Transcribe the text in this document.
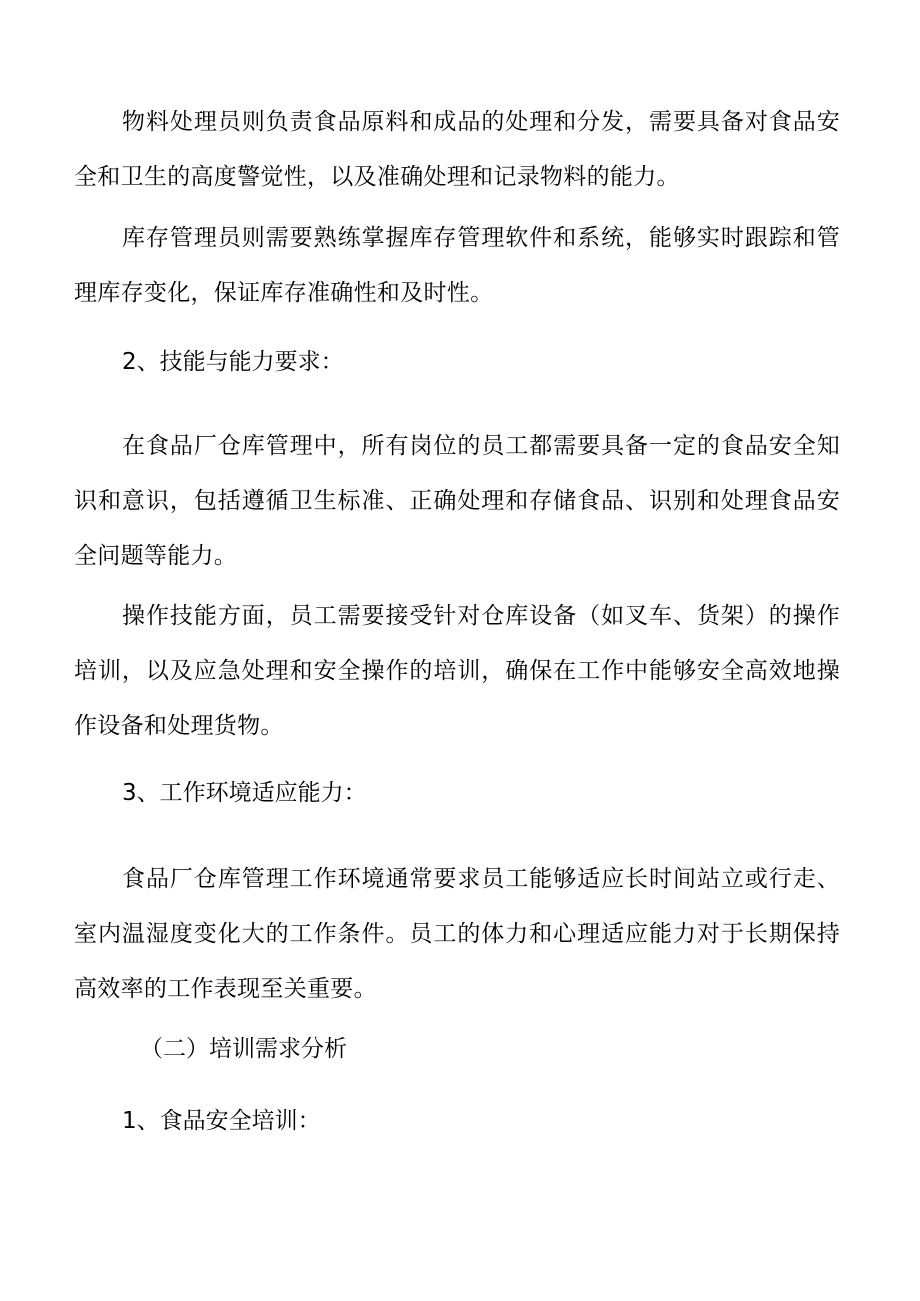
物料处理员则负责食品原料和成品的处理和分发，需要具备对食品安全和卫生的高度警觉性，以及准确处理和记录物料的能力。

库存管理员则需要熟练掌握库存管理软件和系统，能够实时跟踪和管理库存变化，保证库存准确性和及时性。

2、技能与能力要求：

在食品厂仓库管理中，所有岗位的员工都需要具备一定的食品安全知识和意识，包括遵循卫生标准、正确处理和存储食品、识别和处理食品安全问题等能力。

操作技能方面，员工需要接受针对仓库设备（如叉车、货架）的操作培训，以及应急处理和安全操作的培训，确保在工作中能够安全高效地操作设备和处理货物。

3、工作环境适应能力：

食品厂仓库管理工作环境通常要求员工能够适应长时间站立或行走、室内温湿度变化大的工作条件。员工的体力和心理适应能力对于长期保持高效率的工作表现至关重要。

（二）培训需求分析

1、食品安全培训：
